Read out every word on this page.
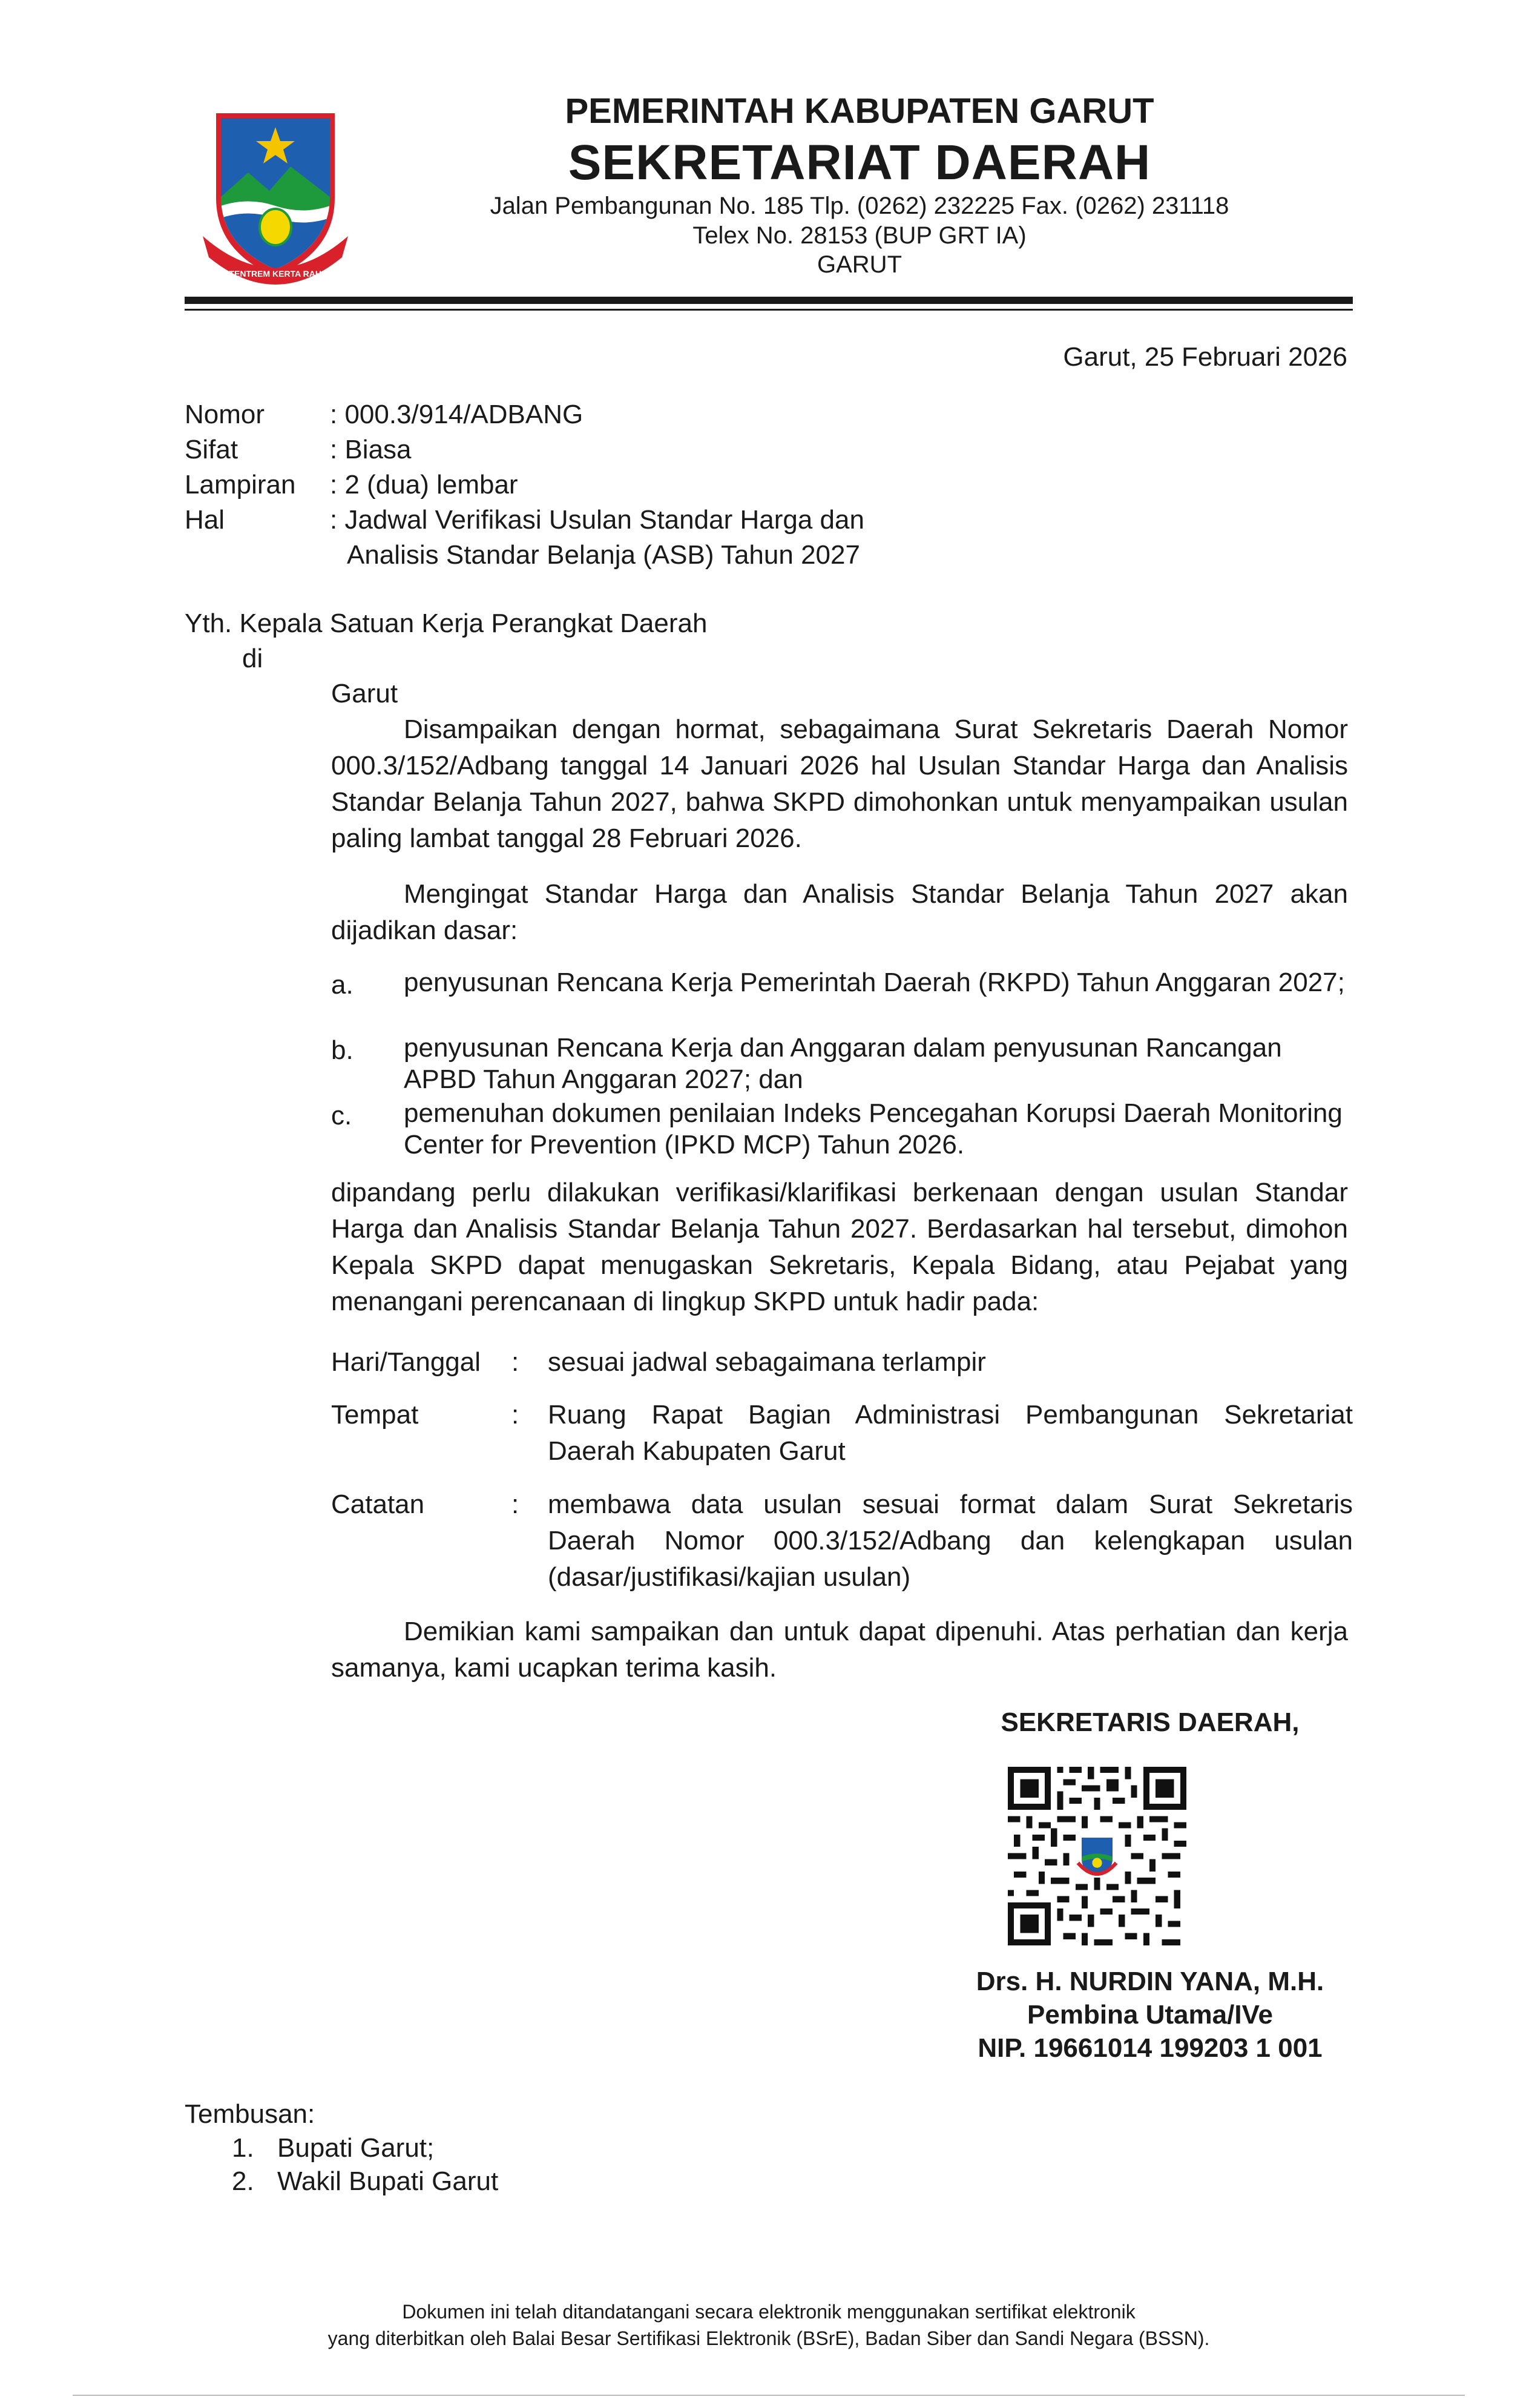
TATA TENTREM KERTA RAHARJA
PEMERINTAH KABUPATEN GARUT
SEKRETARIAT DAERAH
Jalan Pembangunan No. 185 Tlp. (0262) 232225 Fax. (0262) 231118
Telex No. 28153 (BUP GRT IA)
GARUT
Garut, 25 Februari 2026
Nomor : 000.3/914/ADBANG
Sifat	: Biasa
Lampiran : 2 (dua) lembar
Hal	: Jadwal Verifikasi Usulan Standar Harga dan
Analisis Standar Belanja (ASB) Tahun 2027
Yth. Kepala Satuan Kerja Perangkat Daerah
di
Garut
Disampaikan dengan hormat, sebagaimana Surat Sekretaris Daerah Nomor 000.3/152/Adbang tanggal 14 Januari 2026 hal Usulan Standar Harga dan Analisis Standar Belanja Tahun 2027, bahwa SKPD dimohonkan untuk menyampaikan usulan paling lambat tanggal 28 Februari 2026.
Mengingat Standar Harga dan Analisis Standar Belanja Tahun 2027 akan dijadikan dasar:
a. penyusunan Rencana Kerja Pemerintah Daerah (RKPD) Tahun Anggaran 2027;
b. penyusunan Rencana Kerja dan Anggaran dalam penyusunan Rancangan APBD Tahun Anggaran 2027; dan
c. pemenuhan dokumen penilaian Indeks Pencegahan Korupsi Daerah Monitoring Center for Prevention (IPKD MCP) Tahun 2026.
dipandang perlu dilakukan verifikasi/klarifikasi berkenaan dengan usulan Standar Harga dan Analisis Standar Belanja Tahun 2027. Berdasarkan hal tersebut, dimohon Kepala SKPD dapat menugaskan Sekretaris, Kepala Bidang, atau Pejabat yang menangani perencanaan di lingkup SKPD untuk hadir pada:
Hari/Tanggal : sesuai jadwal sebagaimana terlampir
Tempat	: Ruang Rapat Bagian Administrasi Pembangunan Sekretariat Daerah Kabupaten Garut
Catatan	: membawa data usulan sesuai format dalam Surat Sekretaris Daerah Nomor 000.3/152/Adbang dan kelengkapan usulan (dasar/justifikasi/kajian usulan)
Demikian kami sampaikan dan untuk dapat dipenuhi. Atas perhatian dan kerja samanya, kami ucapkan terima kasih.
SEKRETARIS DAERAH,
Drs. H. NURDIN YANA, M.H.
Pembina Utama/IVe
NIP. 19661014 199203 1 001
Tembusan:
1. Bupati Garut;
2. Wakil Bupati Garut
Dokumen ini telah ditandatangani secara elektronik menggunakan sertifikat elektronik
yang diterbitkan oleh Balai Besar Sertifikasi Elektronik (BSrE), Badan Siber dan Sandi Negara (BSSN).
